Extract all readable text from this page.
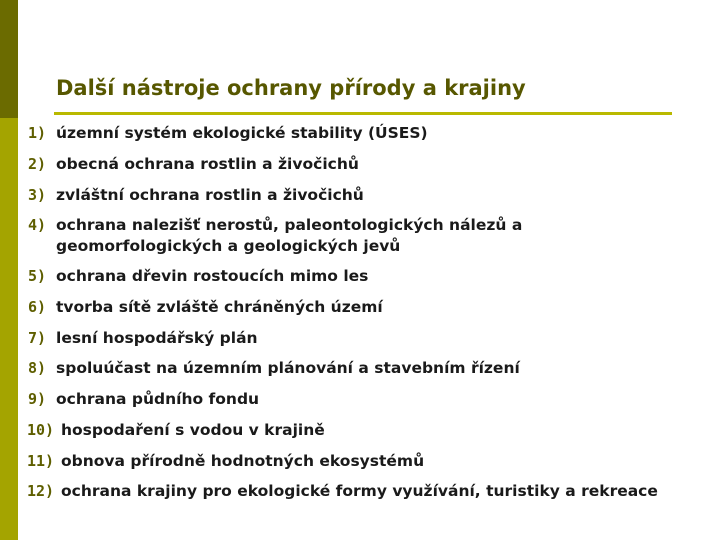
Další nástroje ochrany přírody a krajiny
1) územní systém ekologické stability (ÚSES)
2) obecná ochrana rostlin a živočichů
3) zvláštní ochrana rostlin a živočichů
4) ochrana nalezišť nerostů, paleontologických nálezů a
geomorfologických a geologických jevů
5) ochrana dřevin rostoucích mimo les
6) tvorba sítě zvláště chráněných území
7) lesní hospodářský plán
8) spoluúčast na územním plánování a stavebním řízení
9) ochrana půdního fondu
10) hospodaření s vodou v krajině
11) obnova přírodně hodnotných ekosystémů
12) ochrana krajiny pro ekologické formy využívání, turistiky a rekreace
